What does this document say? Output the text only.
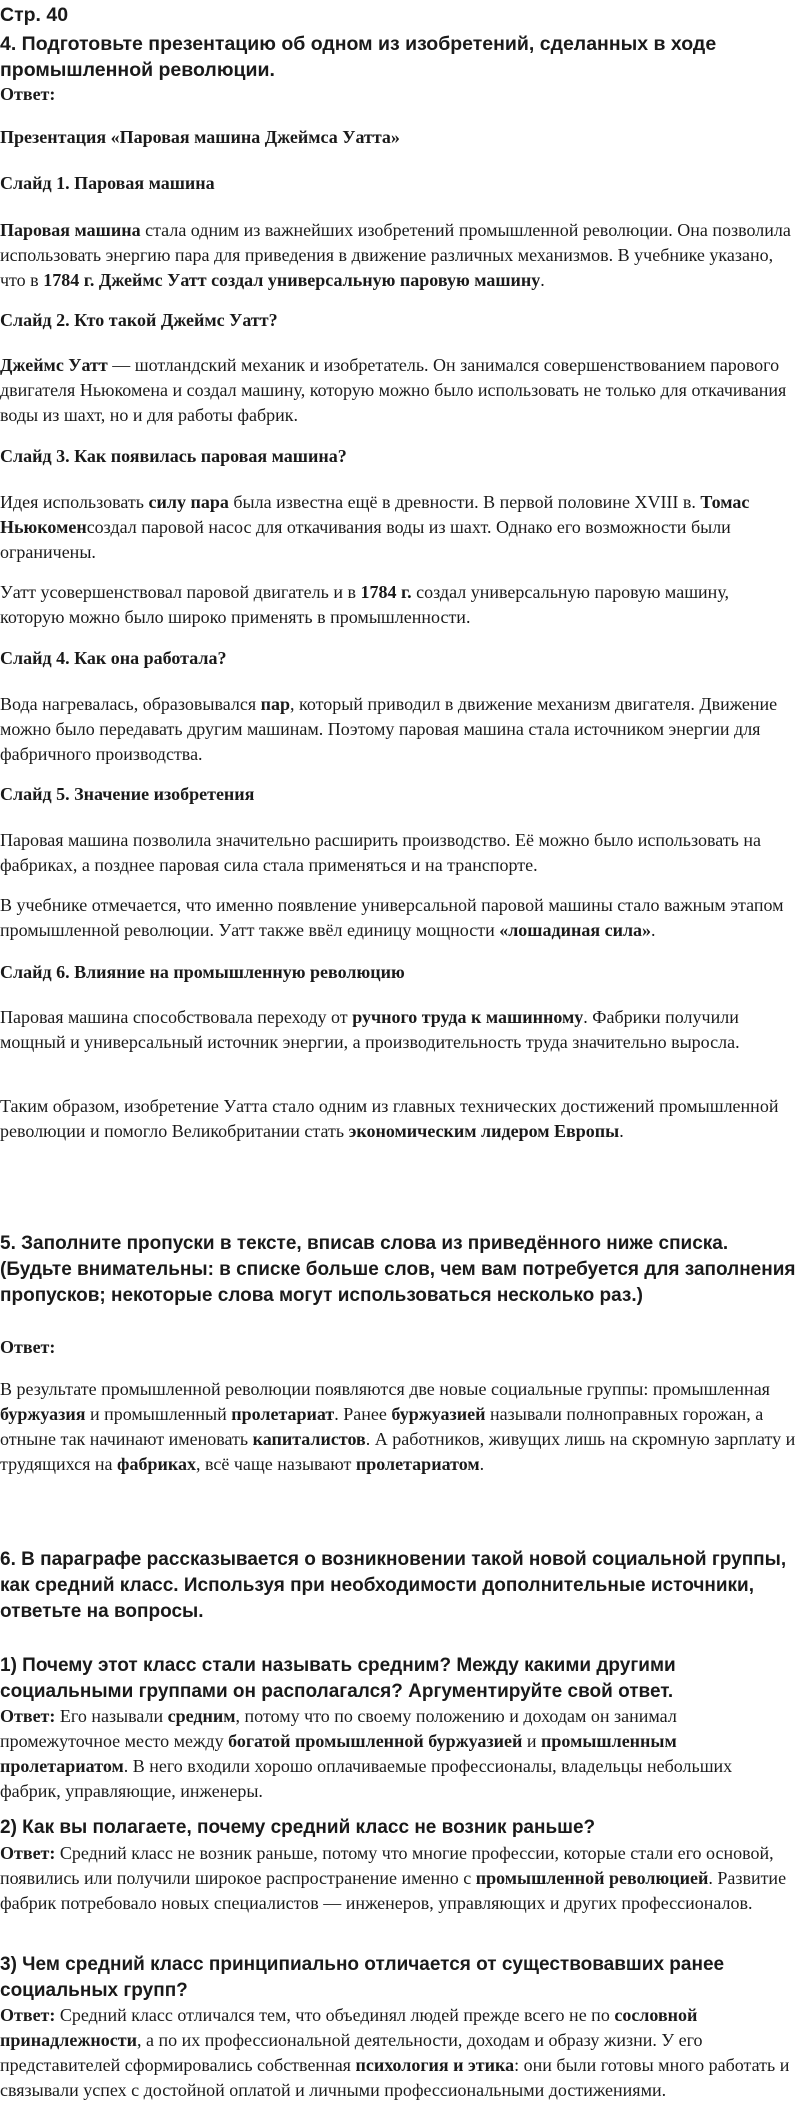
Стр. 40
4. Подготовьте презентацию об одном из изобретений, сделанных в ходе промышленной революции.
Ответ:
Презентация «Паровая машина Джеймса Уатта»
Слайд 1. Паровая машина
Паровая машина стала одним из важнейших изобретений промышленной революции. Она позволила использовать энергию пара для приведения в движение различных механизмов. В учебнике указано, что в 1784 г. Джеймс Уатт создал универсальную паровую машину.
Слайд 2. Кто такой Джеймс Уатт?
Джеймс Уатт — шотландский механик и изобретатель. Он занимался совершенствованием парового двигателя Ньюкомена и создал машину, которую можно было использовать не только для откачивания воды из шахт, но и для работы фабрик.
Слайд 3. Как появилась паровая машина?
Идея использовать силу пара была известна ещё в древности. В первой половине XVIII в. Томас Ньюкоменсоздал паровой насос для откачивания воды из шахт. Однако его возможности были ограничены.
Уатт усовершенствовал паровой двигатель и в 1784 г. создал универсальную паровую машину, которую можно было широко применять в промышленности.
Слайд 4. Как она работала?
Вода нагревалась, образовывался пар, который приводил в движение механизм двигателя. Движение можно было передавать другим машинам. Поэтому паровая машина стала источником энергии для фабричного производства.
Слайд 5. Значение изобретения
Паровая машина позволила значительно расширить производство. Её можно было использовать на фабриках, а позднее паровая сила стала применяться и на транспорте.
В учебнике отмечается, что именно появление универсальной паровой машины стало важным этапом промышленной революции. Уатт также ввёл единицу мощности «лошадиная сила».
Слайд 6. Влияние на промышленную революцию
Паровая машина способствовала переходу от ручного труда к машинному. Фабрики получили мощный и универсальный источник энергии, а производительность труда значительно выросла.
Таким образом, изобретение Уатта стало одним из главных технических достижений промышленной революции и помогло Великобритании стать экономическим лидером Европы.
5. Заполните пропуски в тексте, вписав слова из приведённого ниже списка. (Будьте внимательны: в списке больше слов, чем вам потребуется для заполнения пропусков; некоторые слова могут использоваться несколько раз.)
Ответ:
В результате промышленной революции появляются две новые социальные группы: промышленная буржуазия и промышленный пролетариат. Ранее буржуазией называли полноправных горожан, а отныне так начинают именовать капиталистов. А работников, живущих лишь на скромную зарплату и трудящихся на фабриках, всё чаще называют пролетариатом.
6. В параграфе рассказывается о возникновении такой новой социальной группы, как средний класс. Используя при необходимости дополнительные источники, ответьте на вопросы.
1) Почему этот класс стали называть средним? Между какими другими социальными группами он располагался? Аргументируйте свой ответ.
Ответ: Его называли средним, потому что по своему положению и доходам он занимал промежуточное место между богатой промышленной буржуазией и промышленным пролетариатом. В него входили хорошо оплачиваемые профессионалы, владельцы небольших фабрик, управляющие, инженеры.
2) Как вы полагаете, почему средний класс не возник раньше?
Ответ: Средний класс не возник раньше, потому что многие профессии, которые стали его основой, появились или получили широкое распространение именно с промышленной революцией. Развитие фабрик потребовало новых специалистов — инженеров, управляющих и других профессионалов.
3) Чем средний класс принципиально отличается от существовавших ранее социальных групп?
Ответ: Средний класс отличался тем, что объединял людей прежде всего не по сословной принадлежности, а по их профессиональной деятельности, доходам и образу жизни. У его представителей сформировались собственная психология и этика: они были готовы много работать и связывали успех с достойной оплатой и личными профессиональными достижениями.
